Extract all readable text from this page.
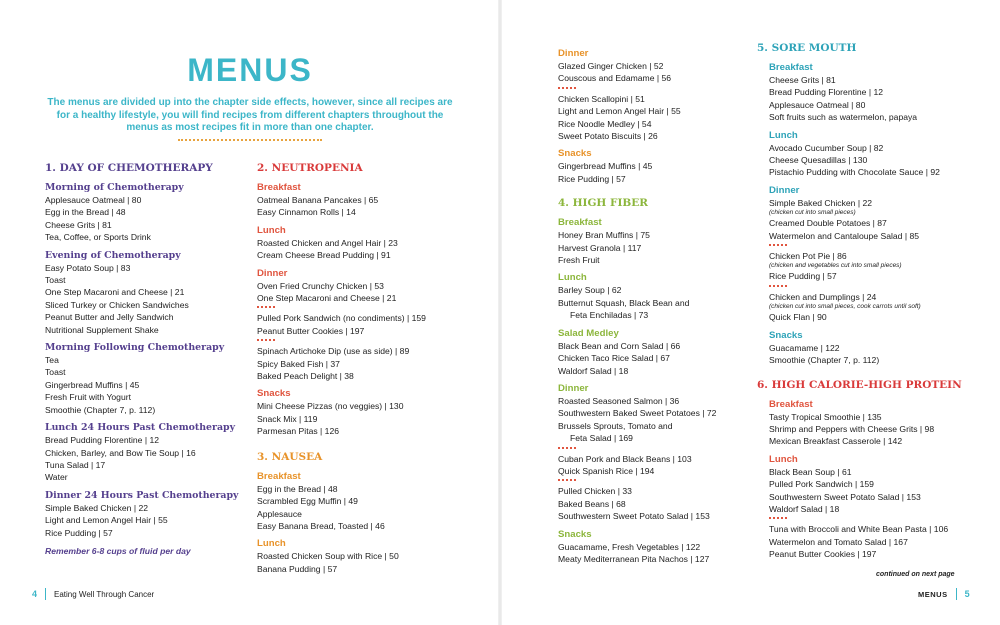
MENUS

The menus are divided up into the chapter side effects, however, since all recipes are for a healthy lifestyle, you will find recipes from different chapters throughout the menus as most recipes fit in more than one chapter.

1. DAY OF CHEMOTHERAPY
Morning of Chemotherapy
Applesauce Oatmeal | 80
Egg in the Bread | 48
Cheese Grits | 81
Tea, Coffee, or Sports Drink
Evening of Chemotherapy
Easy Potato Soup | 83
Toast
One Step Macaroni and Cheese | 21
Sliced Turkey or Chicken Sandwiches
Peanut Butter and Jelly Sandwich
Nutritional Supplement Shake
Morning Following Chemotherapy
Tea
Toast
Gingerbread Muffins | 45
Fresh Fruit with Yogurt
Smoothie (Chapter 7, p. 112)
Lunch 24 Hours Past Chemotherapy
Bread Pudding Florentine | 12
Chicken, Barley, and Bow Tie Soup | 16
Tuna Salad | 17
Water
Dinner 24 Hours Past Chemotherapy
Simple Baked Chicken | 22
Light and Lemon Angel Hair | 55
Rice Pudding | 57
Remember 6-8 cups of fluid per day
2. NEUTROPENIA
Breakfast
Oatmeal Banana Pancakes | 65
Easy Cinnamon Rolls | 14
Lunch
Roasted Chicken and Angel Hair | 23
Cream Cheese Bread Pudding | 91
Dinner
Oven Fried Crunchy Chicken | 53
One Step Macaroni and Cheese | 21
Pulled Pork Sandwich (no condiments) | 159
Peanut Butter Cookies | 197
Spinach Artichoke Dip (use as side) | 89
Spicy Baked Fish | 37
Baked Peach Delight | 38
Snacks
Mini Cheese Pizzas (no veggies) | 130
Snack Mix | 119
Parmesan Pitas | 126
3. NAUSEA
Breakfast
Egg in the Bread | 48
Scrambled Egg Muffin | 49
Applesauce
Easy Banana Bread, Toasted | 46
Lunch
Roasted Chicken Soup with Rice | 50
Banana Pudding | 57
Dinner
Glazed Ginger Chicken | 52
Couscous and Edamame | 56
Chicken Scallopini | 51
Light and Lemon Angel Hair | 55
Rice Noodle Medley | 54
Sweet Potato Biscuits | 26
Snacks
Gingerbread Muffins | 45
Rice Pudding | 57
4. HIGH FIBER
Breakfast
Honey Bran Muffins | 75
Harvest Granola | 117
Fresh Fruit
Lunch
Barley Soup | 62
Butternut Squash, Black Bean and
Feta Enchiladas | 73
Salad Medley
Black Bean and Corn Salad | 66
Chicken Taco Rice Salad | 67
Waldorf Salad | 18
Dinner
Roasted Seasoned Salmon | 36
Southwestern Baked Sweet Potatoes | 72
Brussels Sprouts, Tomato and
Feta Salad | 169
Cuban Pork and Black Beans | 103
Quick Spanish Rice | 194
Pulled Chicken | 33
Baked Beans | 68
Southwestern Sweet Potato Salad | 153
Snacks
Guacamame, Fresh Vegetables | 122
Meaty Mediterranean Pita Nachos | 127
5. SORE MOUTH
Breakfast
Cheese Grits | 81
Bread Pudding Florentine | 12
Applesauce Oatmeal | 80
Soft fruits such as watermelon, papaya
Lunch
Avocado Cucumber Soup | 82
Cheese Quesadillas | 130
Pistachio Pudding with Chocolate Sauce | 92
Dinner
Simple Baked Chicken | 22
(chicken cut into small pieces)
Creamed Double Potatoes | 87
Watermelon and Cantaloupe Salad | 85
Chicken Pot Pie | 86
(chicken and vegetables cut into small pieces)
Rice Pudding | 57
Chicken and Dumplings | 24
(chicken cut into small pieces, cook carrots until soft)
Quick Flan | 90
Snacks
Guacamame | 122
Smoothie (Chapter 7, p. 112)
6. HIGH CALORIE-HIGH PROTEIN
Breakfast
Tasty Tropical Smoothie | 135
Shrimp and Peppers with Cheese Grits | 98
Mexican Breakfast Casserole | 142
Lunch
Black Bean Soup | 61
Pulled Pork Sandwich | 159
Southwestern Sweet Potato Salad | 153
Waldorf Salad | 18
Tuna with Broccoli and White Bean Pasta | 106
Watermelon and Tomato Salad | 167
Peanut Butter Cookies | 197
continued on next page
4 Eating Well Through Cancer	MENUS 5
